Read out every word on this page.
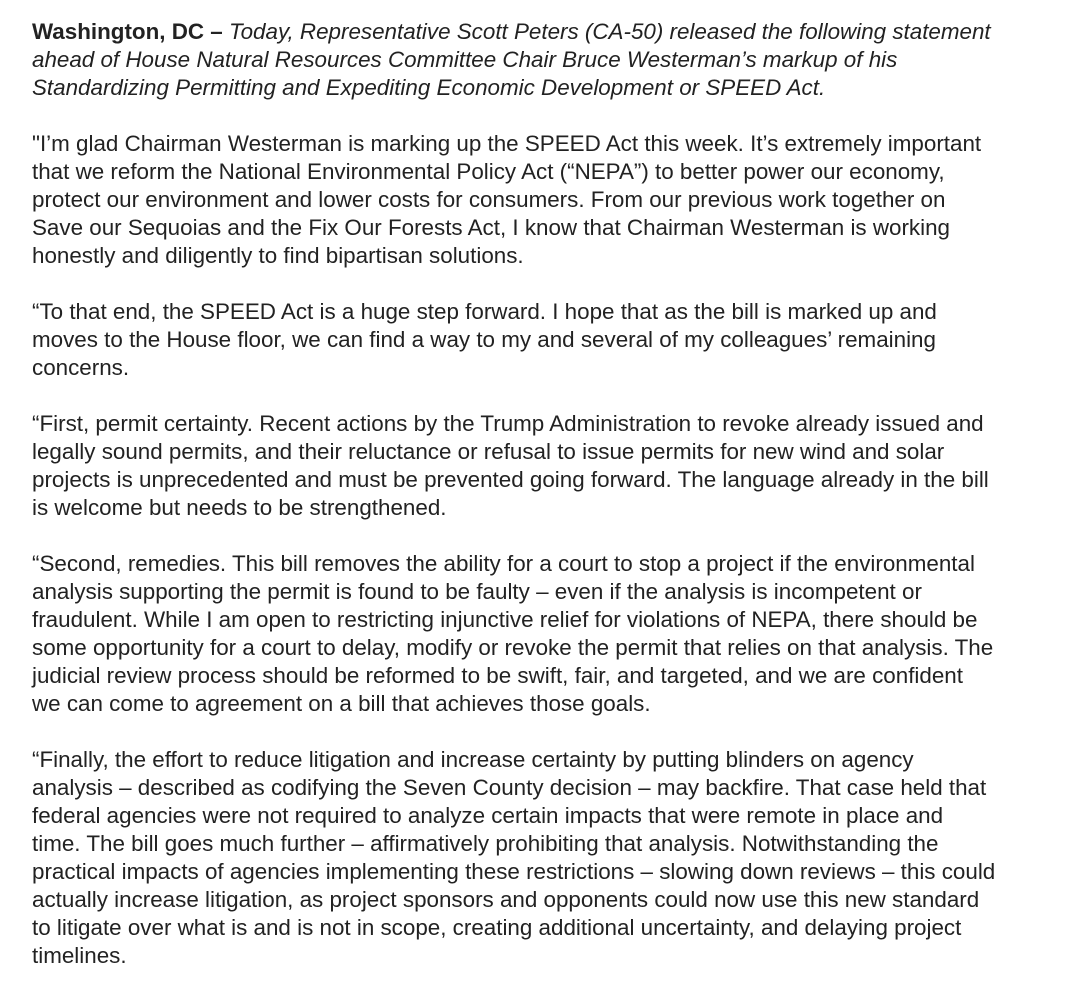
Washington, DC – Today, Representative Scott Peters (CA-50) released the following statement
ahead of House Natural Resources Committee Chair Bruce Westerman’s markup of his
Standardizing Permitting and Expediting Economic Development or SPEED Act.

"I’m glad Chairman Westerman is marking up the SPEED Act this week. It’s extremely important
that we reform the National Environmental Policy Act (“NEPA”) to better power our economy,
protect our environment and lower costs for consumers. From our previous work together on
Save our Sequoias and the Fix Our Forests Act, I know that Chairman Westerman is working
honestly and diligently to find bipartisan solutions.

“To that end, the SPEED Act is a huge step forward. I hope that as the bill is marked up and
moves to the House floor, we can find a way to my and several of my colleagues’ remaining
concerns.

“First, permit certainty. Recent actions by the Trump Administration to revoke already issued and
legally sound permits, and their reluctance or refusal to issue permits for new wind and solar
projects is unprecedented and must be prevented going forward. The language already in the bill
is welcome but needs to be strengthened.

“Second, remedies. This bill removes the ability for a court to stop a project if the environmental
analysis supporting the permit is found to be faulty – even if the analysis is incompetent or
fraudulent. While I am open to restricting injunctive relief for violations of NEPA, there should be
some opportunity for a court to delay, modify or revoke the permit that relies on that analysis. The
judicial review process should be reformed to be swift, fair, and targeted, and we are confident
we can come to agreement on a bill that achieves those goals.

“Finally, the effort to reduce litigation and increase certainty by putting blinders on agency
analysis – described as codifying the Seven County decision – may backfire. That case held that
federal agencies were not required to analyze certain impacts that were remote in place and
time. The bill goes much further – affirmatively prohibiting that analysis. Notwithstanding the
practical impacts of agencies implementing these restrictions – slowing down reviews – this could
actually increase litigation, as project sponsors and opponents could now use this new standard
to litigate over what is and is not in scope, creating additional uncertainty, and delaying project
timelines.
